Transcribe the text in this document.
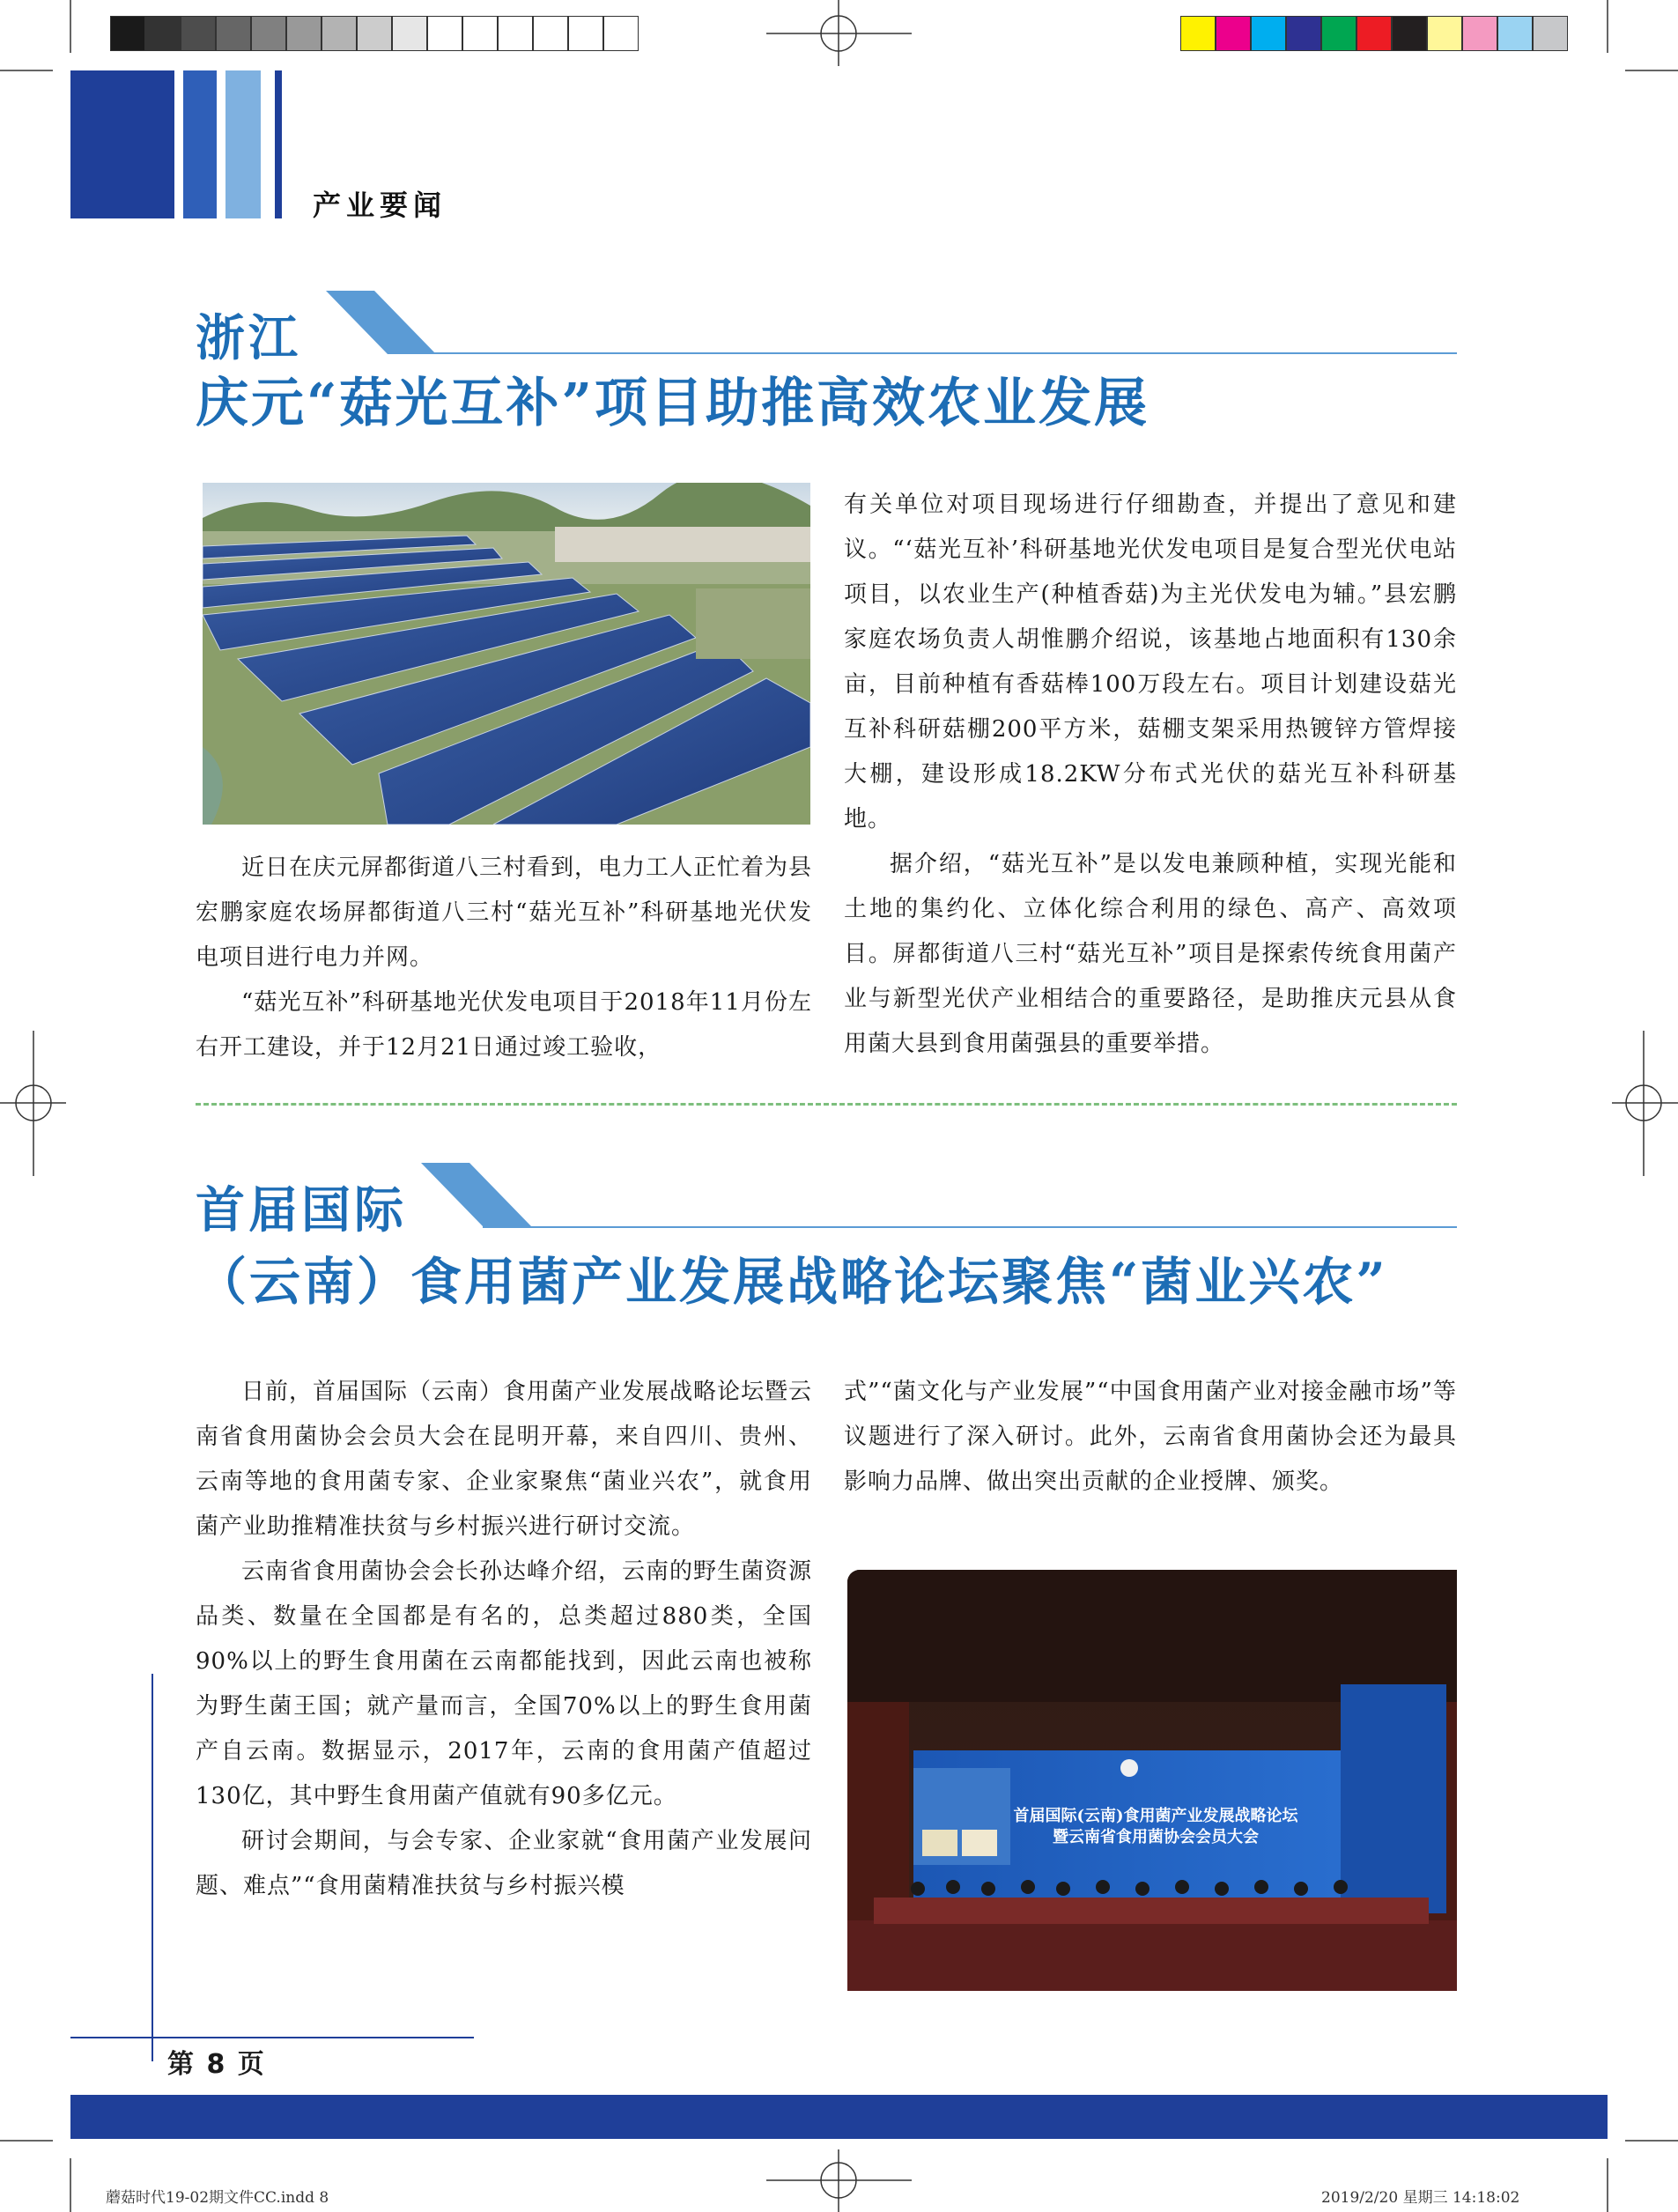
产业要闻
浙江
庆元“菇光互补”项目助推高效农业发展

近日在庆元屏都街道八三村看到，电力工人正忙着为县宏鹏家庭农场屏都街道八三村“菇光互补”科研基地光伏发电项目进行电力并网。

“菇光互补”科研基地光伏发电项目于2018年11月份左右开工建设，并于12月21日通过竣工验收，

有关单位对项目现场进行仔细勘查，并提出了意见和建议。“‘菇光互补’科研基地光伏发电项目是复合型光伏电站项目，以农业生产(种植香菇)为主光伏发电为辅。”县宏鹏家庭农场负责人胡惟鹏介绍说，该基地占地面积有130余亩，目前种植有香菇棒100万段左右。项目计划建设菇光互补科研菇棚200平方米，菇棚支架采用热镀锌方管焊接大棚，建设形成18.2KW分布式光伏的菇光互补科研基地。

据介绍，“菇光互补”是以发电兼顾种植，实现光能和土地的集约化、立体化综合利用的绿色、高产、高效项目。屏都街道八三村“菇光互补”项目是探索传统食用菌产业与新型光伏产业相结合的重要路径，是助推庆元县从食用菌大县到食用菌强县的重要举措。

首届国际
（云南）食用菌产业发展战略论坛聚焦“菌业兴农”

日前，首届国际（云南）食用菌产业发展战略论坛暨云南省食用菌协会会员大会在昆明开幕，来自四川、贵州、云南等地的食用菌专家、企业家聚焦“菌业兴农”，就食用菌产业助推精准扶贫与乡村振兴进行研讨交流。

云南省食用菌协会会长孙达峰介绍，云南的野生菌资源品类、数量在全国都是有名的，总类超过880类，全国90%以上的野生食用菌在云南都能找到，因此云南也被称为野生菌王国；就产量而言，全国70%以上的野生食用菌产自云南。数据显示，2017年，云南的食用菌产值超过130亿，其中野生食用菌产值就有90多亿元。

研讨会期间，与会专家、企业家就“食用菌产业发展问题、难点”“食用菌精准扶贫与乡村振兴模

式”“菌文化与产业发展”“中国食用菌产业对接金融市场”等议题进行了深入研讨。此外，云南省食用菌协会还为最具影响力品牌、做出突出贡献的企业授牌、颁奖。

首届国际(云南)食用菌产业发展战略论坛
暨云南省食用菌协会会员大会
第 8 页
蘑菇时代19-02期文件CC.indd 8	2019/2/20 星期三 14:18:02
